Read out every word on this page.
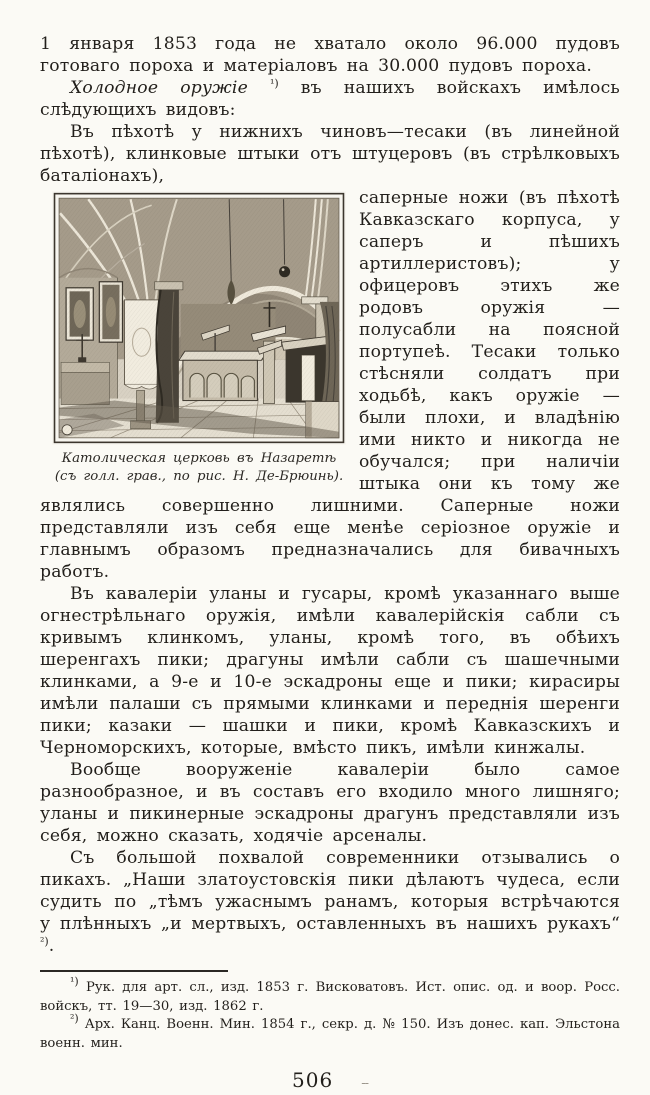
1 января 1853 года не хватало около 96.000 пудовъ готоваго пороха и матеріаловъ на 30.000 пудовъ пороха.

Холодное оружіе $^{^1)}$ въ нашихъ войскахъ имѣлось слѣдующихъ видовъ:

Въ пѣхотѣ у нижнихъ чиновъ—тесаки (въ линейной пѣхотѣ), клинковые штыки отъ штуцеровъ (въ стрѣлковыхъ баталіонахъ),

Католическая церковь въ Назаретѣ
(съ голл. грав., по рис. Н. Де-Брюинь).

саперные ножи (въ пѣхотѣ Кавказскаго корпуса, у саперъ и пѣшихъ артиллеристовъ); у офицеровъ этихъ же родовъ оружія — полусабли на поясной портупеѣ. Тесаки только стѣсняли солдатъ при ходьбѣ, какъ оружіе — были плохи, и владѣнію ими никто и никогда не обучался; при наличіи штыка они къ тому же являлись совершенно лишними. Саперные ножи представляли изъ себя еще менѣе серіозное оружіе и главнымъ образомъ предназначались для бивачныхъ работъ.

Въ кавалеріи уланы и гусары, кромѣ указаннаго выше огнестрѣльнаго оружія, имѣли кавалерійскія сабли съ кривымъ клинкомъ, уланы, кромѣ того, въ обѣихъ шеренгахъ пики; драгуны имѣли сабли съ шашечными клинками, а 9-е и 10-е эскадроны еще и пики; кирасиры имѣли палаши съ прямыми клинками и переднія шеренги пики; казаки — шашки и пики, кромѣ Кавказскихъ и Черноморскихъ, которые, вмѣсто пикъ, имѣли кинжалы.

Вообще вооруженіе кавалеріи было самое разнообразное, и въ составъ его входило много лишняго; уланы и пикинерные эскадроны драгунъ представляли изъ себя, можно сказать, ходячіе арсеналы.

Съ большой похвалой современники отзывались о пикахъ. „Наши златоустовскія пики дѣлаютъ чудеса, если судить по „тѣмъ ужаснымъ ранамъ, которыя встрѣчаются у плѣнныхъ „и мертвыхъ, оставленныхъ въ нашихъ рукахъ“ $^{^2)}$.

$^{^1)}$ Рук. для арт. сл., изд. 1853 г. Висковатовъ. Ист. опис. од. и воор. Росс. войскъ, тт. 19—30, изд. 1862 г.

$^{^2)}$ Арх. Канц. Военн. Мин. 1854 г., секр. д. № 150. Изъ донес. кап. Эльстона военн. мин.

506 --
